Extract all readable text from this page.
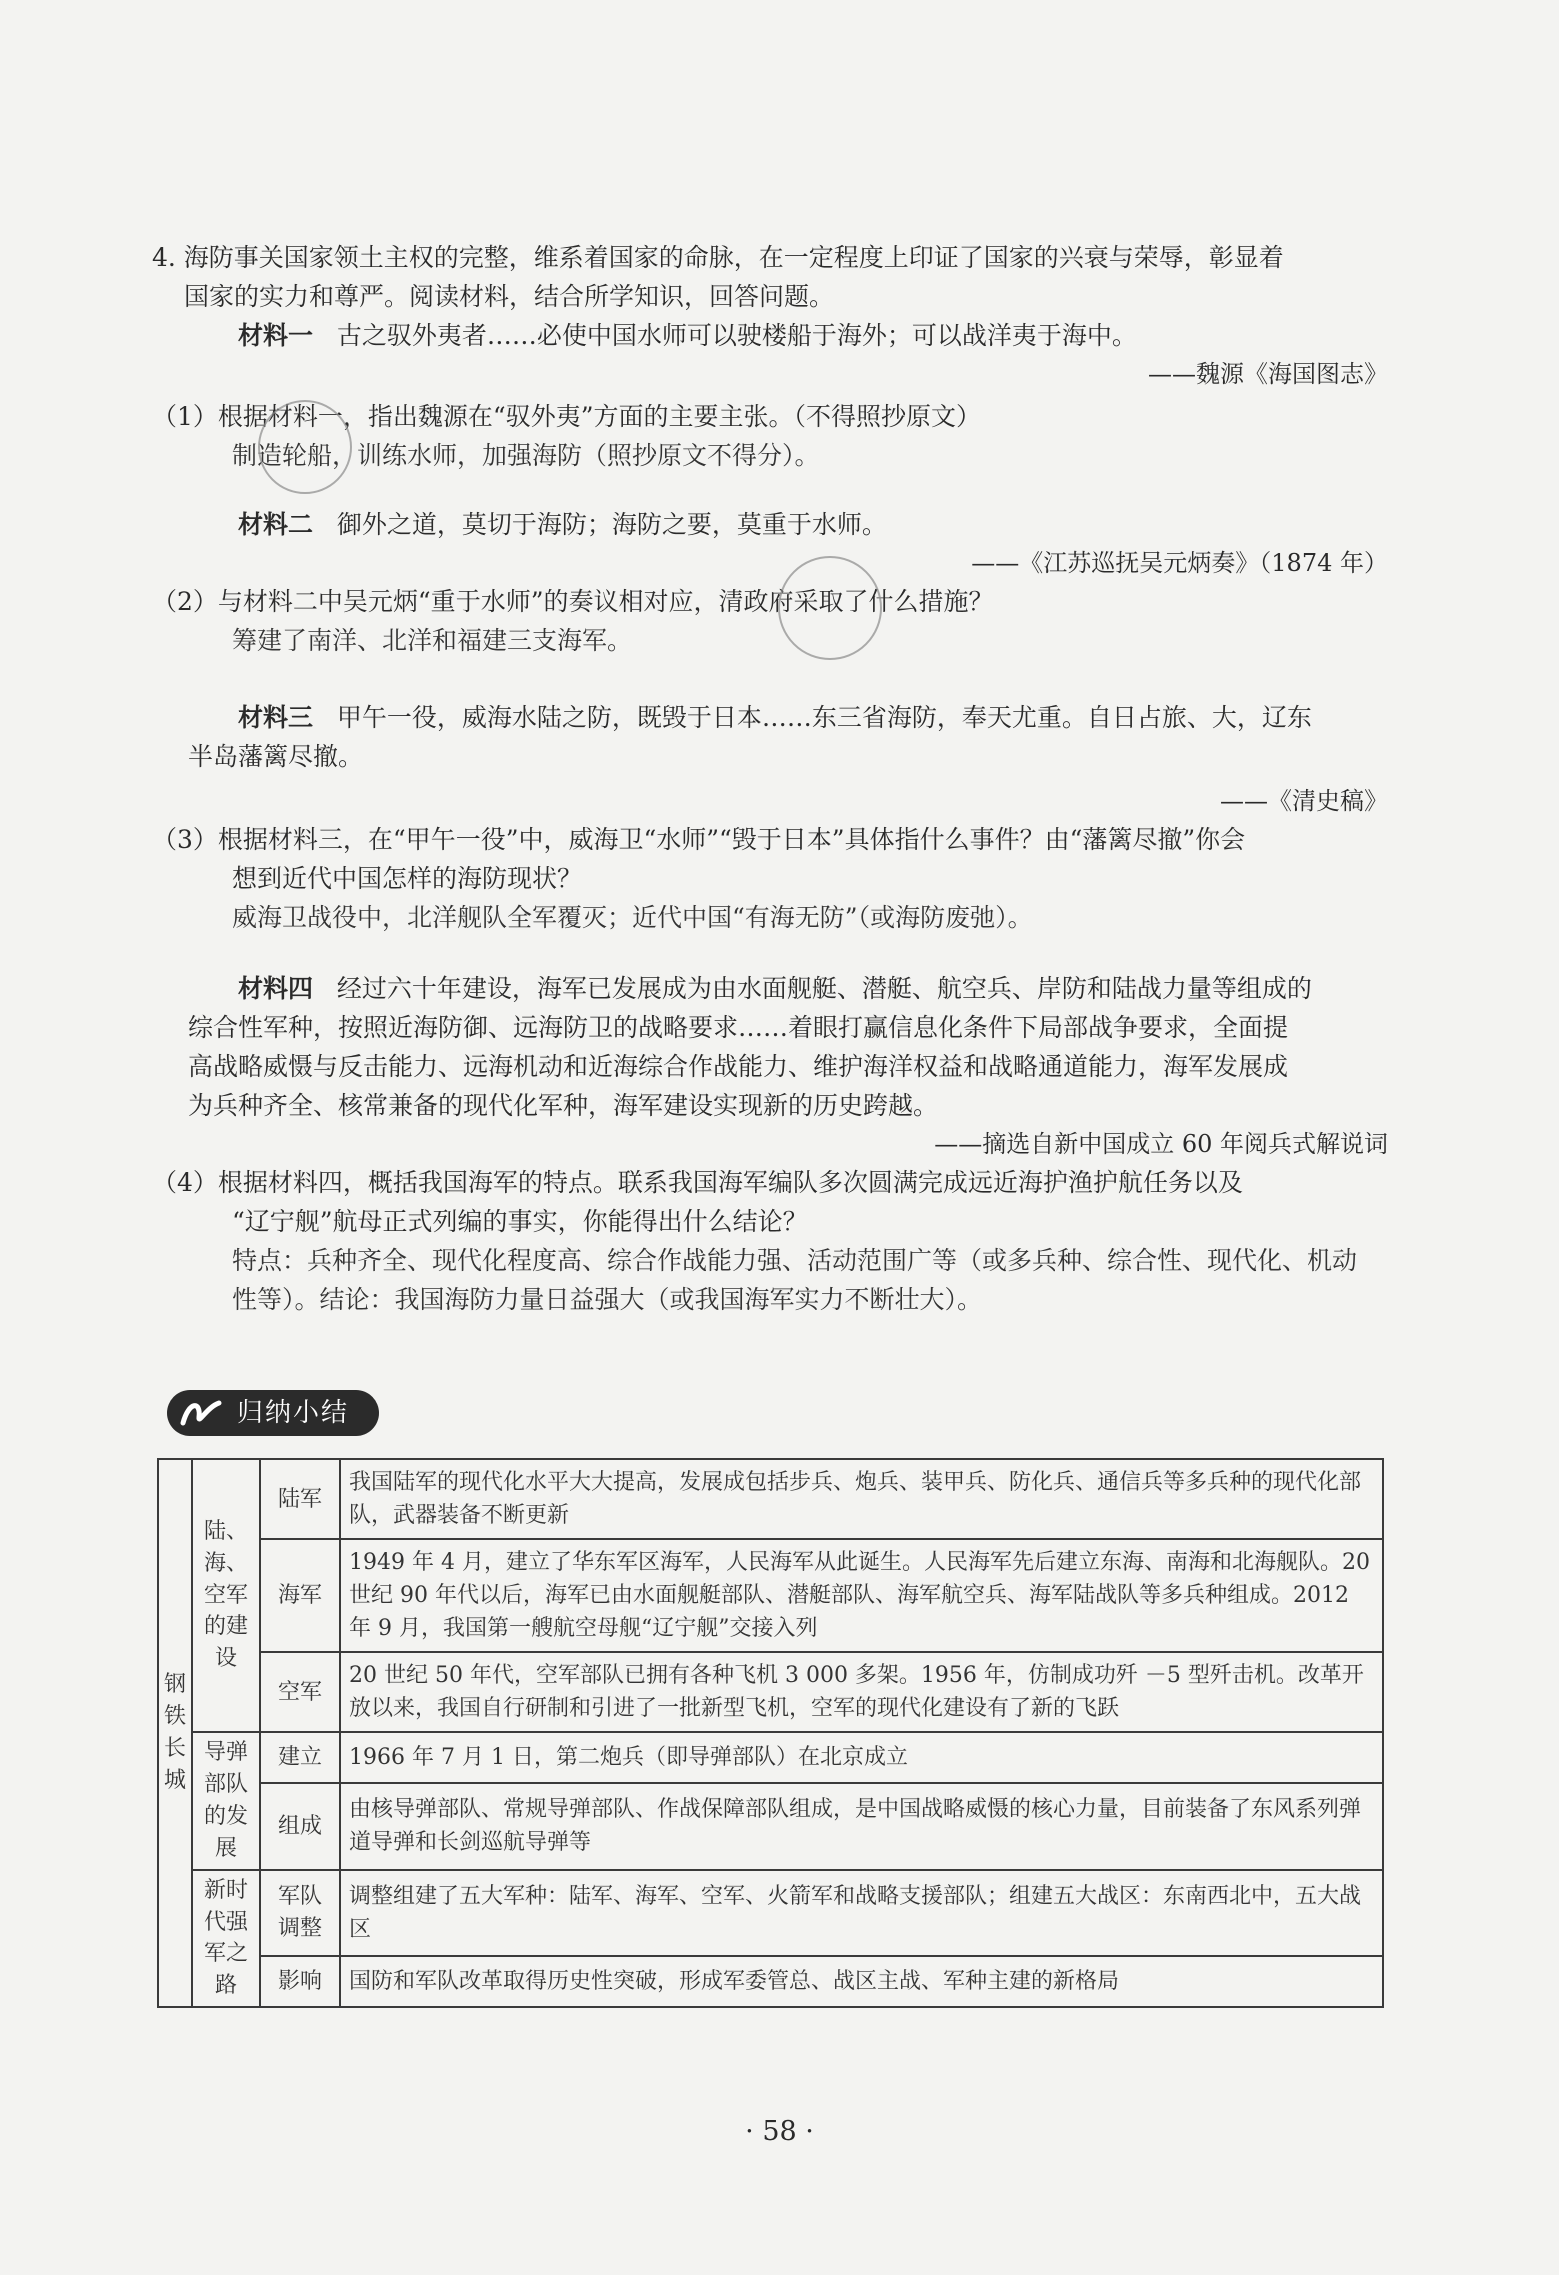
4. 海防事关国家领土主权的完整，维系着国家的命脉，在一定程度上印证了国家的兴衰与荣辱，彰显着

国家的实力和尊严。阅读材料，结合所学知识，回答问题。

材料一 古之驭外夷者……必使中国水师可以驶楼船于海外；可以战洋夷于海中。

——魏源《海国图志》

（1）根据材料一，指出魏源在“驭外夷”方面的主要主张。（不得照抄原文）

制造轮船，训练水师，加强海防（照抄原文不得分）。

材料二 御外之道，莫切于海防；海防之要，莫重于水师。

——《江苏巡抚吴元炳奏》（1874 年）

（2）与材料二中吴元炳“重于水师”的奏议相对应，清政府采取了什么措施？

筹建了南洋、北洋和福建三支海军。

材料三 甲午一役，威海水陆之防，既毁于日本……东三省海防，奉天尤重。自日占旅、大，辽东

半岛藩篱尽撤。

——《清史稿》

（3）根据材料三，在“甲午一役”中，威海卫“水师”“毁于日本”具体指什么事件？由“藩篱尽撤”你会

想到近代中国怎样的海防现状？

威海卫战役中，北洋舰队全军覆灭；近代中国“有海无防”（或海防废弛）。

材料四 经过六十年建设，海军已发展成为由水面舰艇、潜艇、航空兵、岸防和陆战力量等组成的

综合性军种，按照近海防御、远海防卫的战略要求……着眼打赢信息化条件下局部战争要求，全面提

高战略威慑与反击能力、远海机动和近海综合作战能力、维护海洋权益和战略通道能力，海军发展成

为兵种齐全、核常兼备的现代化军种，海军建设实现新的历史跨越。

——摘选自新中国成立 60 年阅兵式解说词

（4）根据材料四，概括我国海军的特点。联系我国海军编队多次圆满完成远近海护渔护航任务以及

“辽宁舰”航母正式列编的事实，你能得出什么结论？

特点：兵种齐全、现代化程度高、综合作战能力强、活动范围广等（或多兵种、综合性、现代化、机动

性等）。结论：我国海防力量日益强大（或我国海军实力不断壮大）。

归纳小结
钢铁长城	陆、海、空军的建设	陆军	我国陆军的现代化水平大大提高，发展成包括步兵、炮兵、装甲兵、防化兵、通信兵等多兵种的现代化部队，武器装备不断更新
		海军	1949 年 4 月，建立了华东军区海军，人民海军从此诞生。人民海军先后建立东海、南海和北海舰队。20 世纪 90 年代以后，海军已由水面舰艇部队、潜艇部队、海军航空兵、海军陆战队等多兵种组成。2012 年 9 月，我国第一艘航空母舰“辽宁舰”交接入列
		空军	20 世纪 50 年代，空军部队已拥有各种飞机 3 000 多架。1956 年，仿制成功歼 －5 型歼击机。改革开放以来，我国自行研制和引进了一批新型飞机，空军的现代化建设有了新的飞跃
	导弹部队的发展	建立	1966 年 7 月 1 日，第二炮兵（即导弹部队）在北京成立
		组成	由核导弹部队、常规导弹部队、作战保障部队组成，是中国战略威慑的核心力量，目前装备了东风系列弹道导弹和长剑巡航导弹等
	新时代强军之路	军队调整	调整组建了五大军种：陆军、海军、空军、火箭军和战略支援部队；组建五大战区：东南西北中，五大战区
		影响	国防和军队改革取得历史性突破，形成军委管总、战区主战、军种主建的新格局
· 58 ·
